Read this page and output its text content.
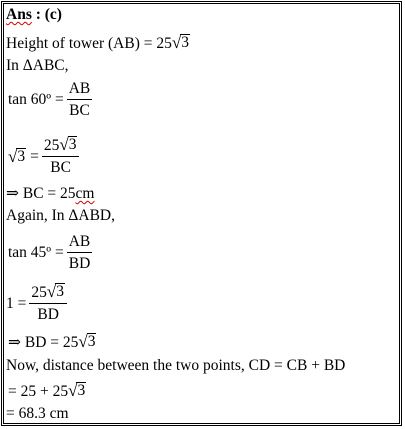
Ans : (c)
Height of tower (AB) = 25 √ 3
In ΔABC,
tan 60º = $\frac{AB}{BC}$
√ $3 = \frac{25 √ 3}{BC}$
⇒ BC = 25cm
Again, In ΔABD,
tan 45º = $\frac{AB}{BD}$
$1 = \frac{25 √ 3}{BD}$
⇒ BD = 25 √ 3
Now, distance between the two points, CD = CB + BD
= 25 + 25 √ 3
= 68.3 cm
